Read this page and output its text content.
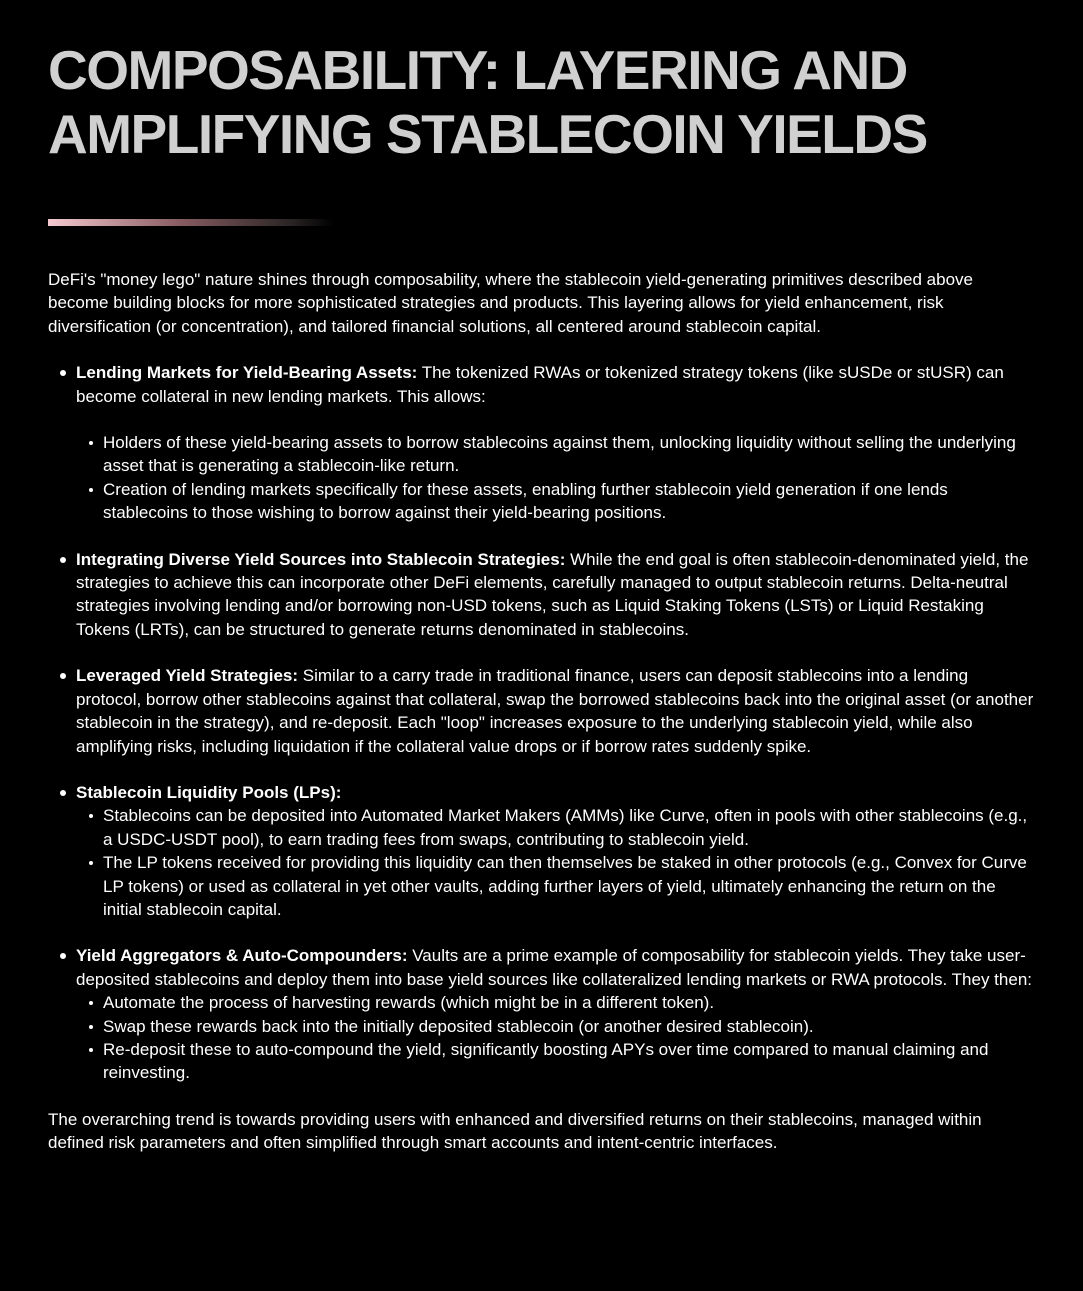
COMPOSABILITY: LAYERING AND AMPLIFYING STABLECOIN YIELDS

DeFi's "money lego" nature shines through composability, where the stablecoin yield-generating primitives described above become building blocks for more sophisticated strategies and products. This layering allows for yield enhancement, risk diversification (or concentration), and tailored financial solutions, all centered around stablecoin capital.

Lending Markets for Yield-Bearing Assets: The tokenized RWAs or tokenized strategy tokens (like sUSDe or stUSR) can become collateral in new lending markets. This allows:
Holders of these yield-bearing assets to borrow stablecoins against them, unlocking liquidity without selling the underlying asset that is generating a stablecoin-like return.
Creation of lending markets specifically for these assets, enabling further stablecoin yield generation if one lends stablecoins to those wishing to borrow against their yield-bearing positions.
Integrating Diverse Yield Sources into Stablecoin Strategies: While the end goal is often stablecoin-denominated yield, the strategies to achieve this can incorporate other DeFi elements, carefully managed to output stablecoin returns. Delta-neutral strategies involving lending and/or borrowing non-USD tokens, such as Liquid Staking Tokens (LSTs) or Liquid Restaking Tokens (LRTs), can be structured to generate returns denominated in stablecoins.
Leveraged Yield Strategies: Similar to a carry trade in traditional finance, users can deposit stablecoins into a lending protocol, borrow other stablecoins against that collateral, swap the borrowed stablecoins back into the original asset (or another stablecoin in the strategy), and re-deposit. Each "loop" increases exposure to the underlying stablecoin yield, while also amplifying risks, including liquidation if the collateral value drops or if borrow rates suddenly spike.
Stablecoin Liquidity Pools (LPs):
Stablecoins can be deposited into Automated Market Makers (AMMs) like Curve, often in pools with other stablecoins (e.g., a USDC-USDT pool), to earn trading fees from swaps, contributing to stablecoin yield.
The LP tokens received for providing this liquidity can then themselves be staked in other protocols (e.g., Convex for Curve LP tokens) or used as collateral in yet other vaults, adding further layers of yield, ultimately enhancing the return on the initial stablecoin capital.
Yield Aggregators & Auto-Compounders: Vaults are a prime example of composability for stablecoin yields. They take user-deposited stablecoins and deploy them into base yield sources like collateralized lending markets or RWA protocols. They then:
Automate the process of harvesting rewards (which might be in a different token).
Swap these rewards back into the initially deposited stablecoin (or another desired stablecoin).
Re-deposit these to auto-compound the yield, significantly boosting APYs over time compared to manual claiming and reinvesting.

The overarching trend is towards providing users with enhanced and diversified returns on their stablecoins, managed within defined risk parameters and often simplified through smart accounts and intent-centric interfaces.
